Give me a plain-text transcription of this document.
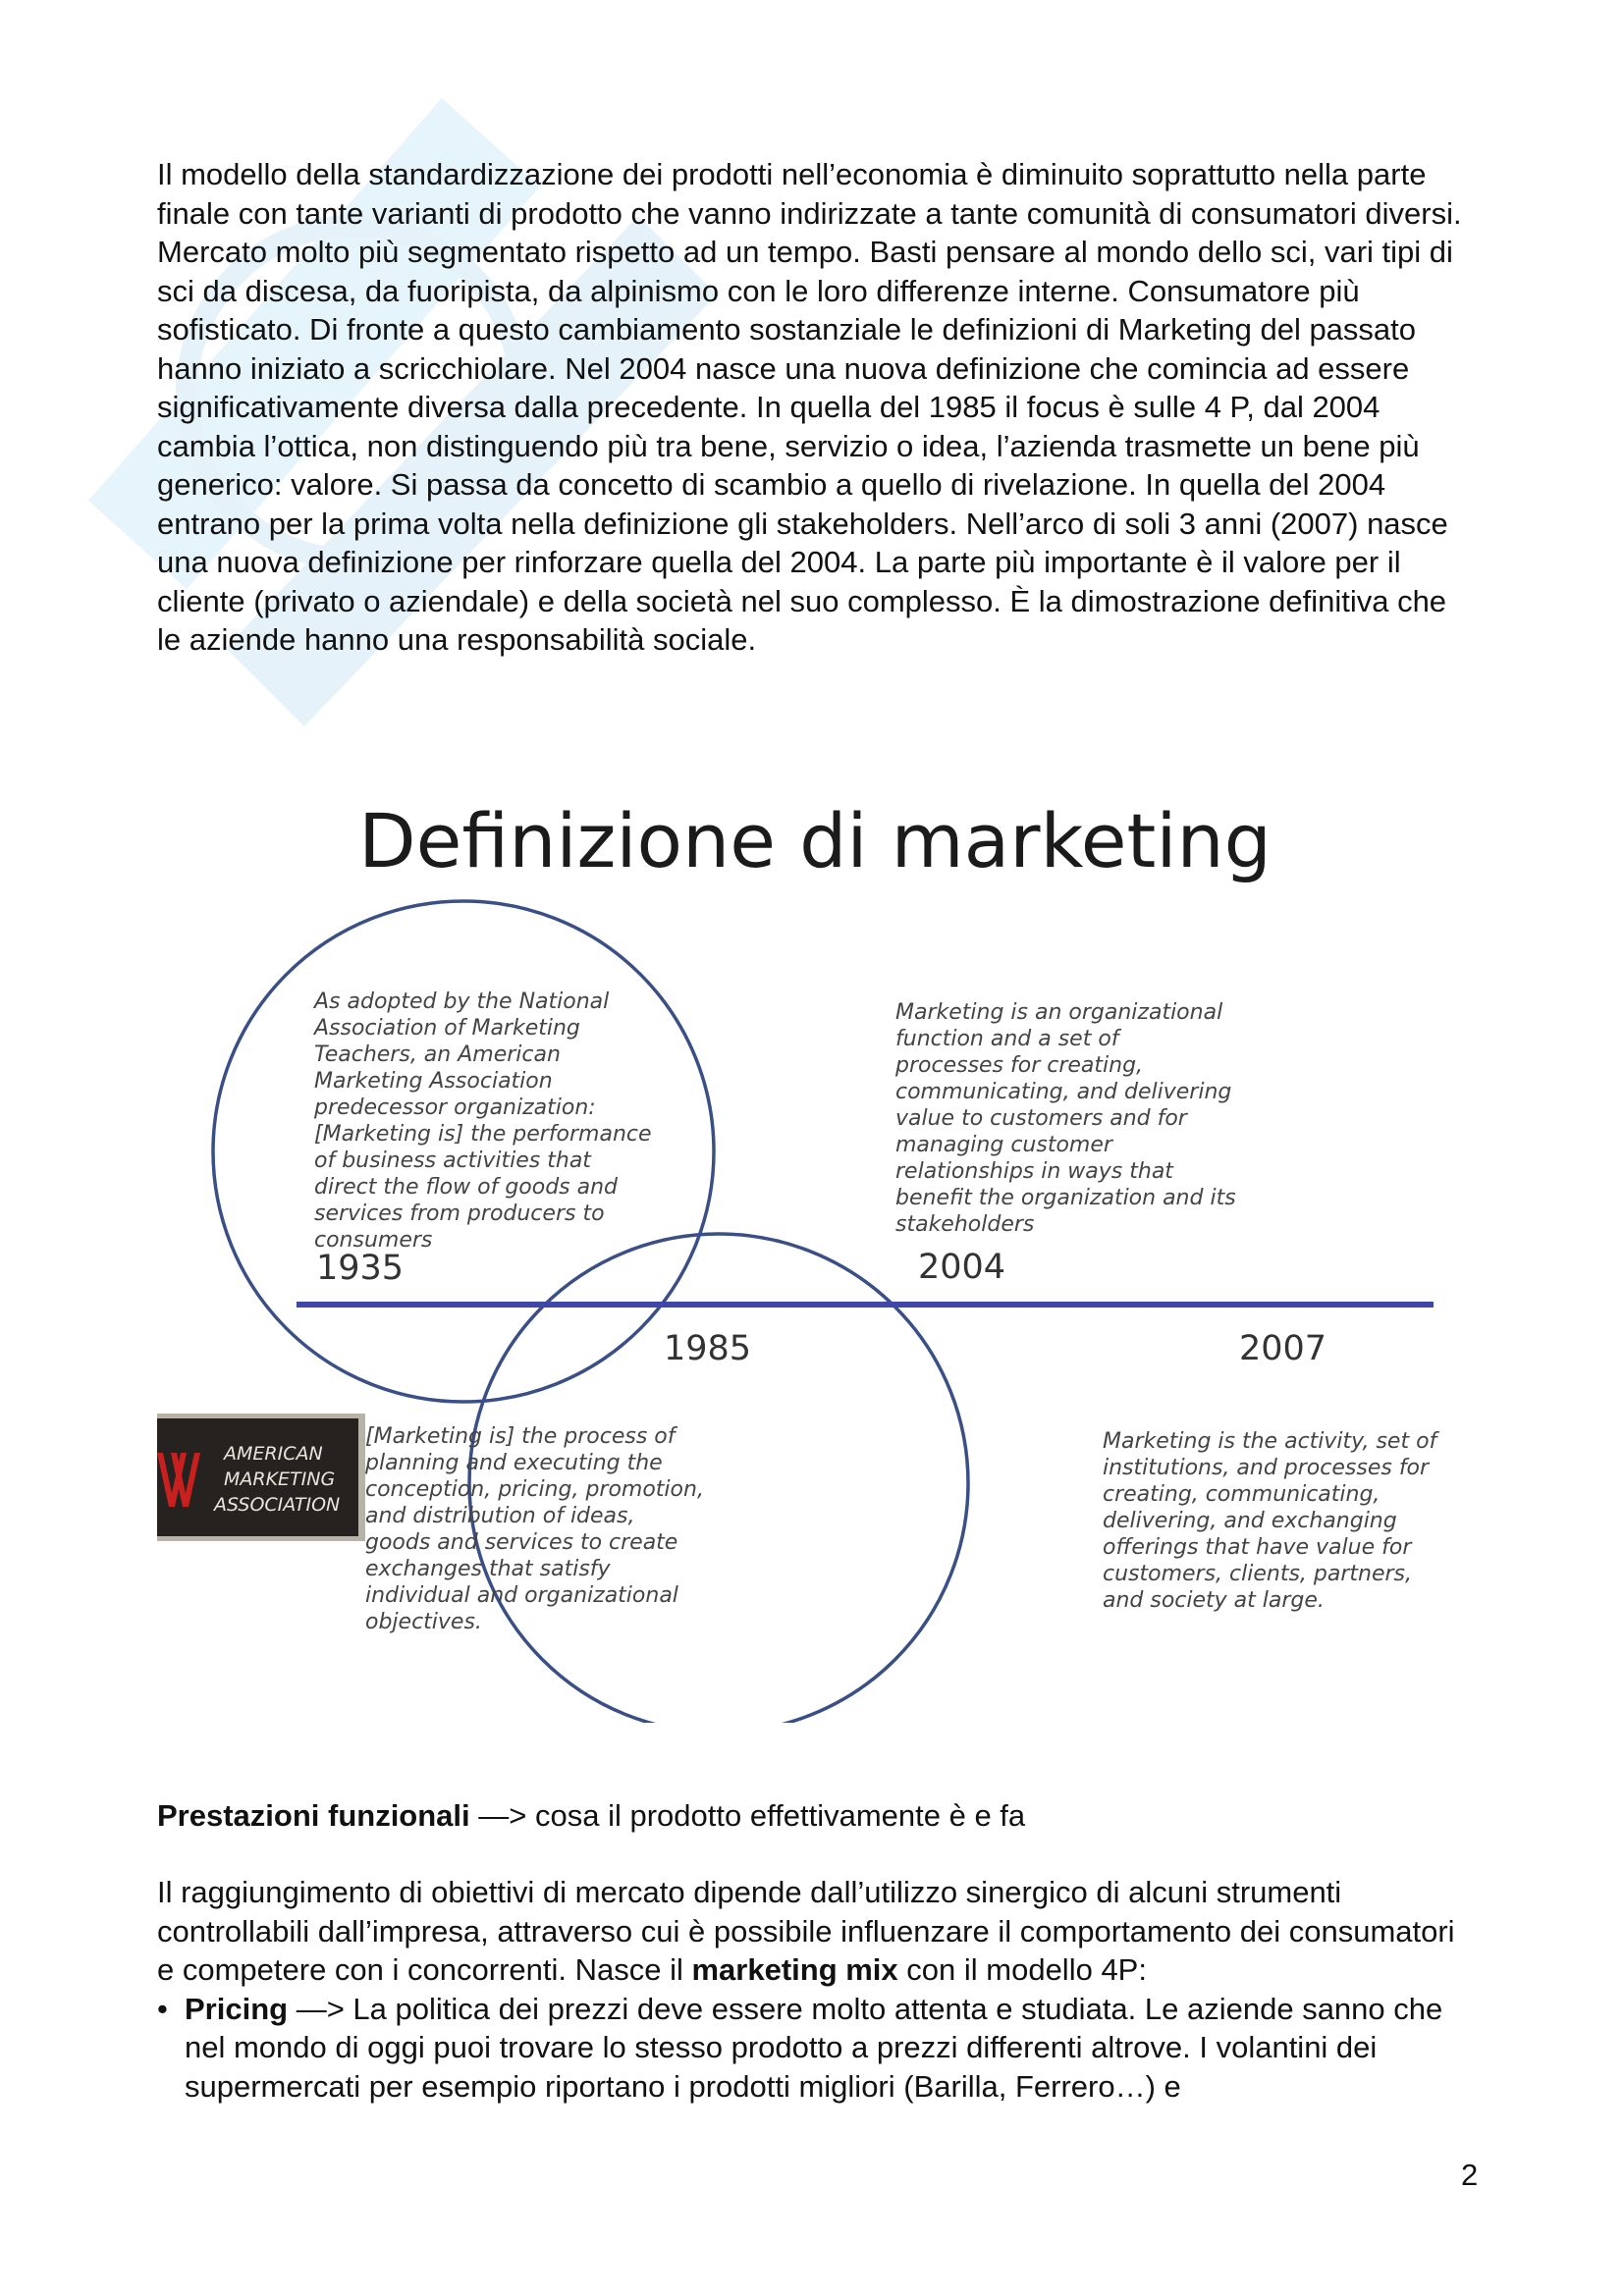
Il modello della standardizzazione dei prodotti nell’economia è diminuito soprattutto nella parte finale con tante varianti di prodotto che vanno indirizzate a tante comunità di consumatori diversi.

Mercato molto più segmentato rispetto ad un tempo. Basti pensare al mondo dello sci, vari tipi di sci da discesa, da fuoripista, da alpinismo con le loro differenze interne. Consumatore più sofisticato. Di fronte a questo cambiamento sostanziale le definizioni di Marketing del passato hanno iniziato a scricchiolare. Nel 2004 nasce una nuova definizione che comincia ad essere significativamente diversa dalla precedente. In quella del 1985 il focus è sulle 4 P, dal 2004 cambia l’ottica, non distinguendo più tra bene, servizio o idea, l’azienda trasmette un bene più generico: valore. Si passa da concetto di scambio a quello di rivelazione. In quella del 2004 entrano per la prima volta nella definizione gli stakeholders. Nell’arco di soli 3 anni (2007) nasce una nuova definizione per rinforzare quella del 2004. La parte più importante è il valore per il cliente (privato o aziendale) e della società nel suo complesso. È la dimostrazione definitiva che le aziende hanno una responsabilità sociale.

Definizione di marketing
As adopted by the National
Association of Marketing
Teachers, an American
Marketing Association
predecessor organization:
[Marketing is] the performance
of business activities that
direct the flow of goods and
services from producers to
consumers
1935
[Marketing is] the process of
planning and executing the
conception, pricing, promotion,
and distribution of ideas,
goods and services to create
exchanges that satisfy
individual and organizational
objectives.
1985
Marketing is an organizational
function and a set of
processes for creating,
communicating, and delivering
value to customers and for
managing customer
relationships in ways that
benefit the organization and its
stakeholders
2004
Marketing is the activity, set of
institutions, and processes for
creating, communicating,
delivering, and exchanging
offerings that have value for
customers, clients, partners,
and society at large.
2007
AMERICAN
MARKETING
ASSOCIATION
Prestazioni funzionali —> cosa il prodotto effettivamente è e fa

Il raggiungimento di obiettivi di mercato dipende dall’utilizzo sinergico di alcuni strumenti controllabili dall’impresa, attraverso cui è possibile influenzare il comportamento dei consumatori e competere con i concorrenti. Nasce il marketing mix con il modello 4P:

• Pricing —> La politica dei prezzi deve essere molto attenta e studiata. Le aziende sanno che nel mondo di oggi puoi trovare lo stesso prodotto a prezzi differenti altrove. I volantini dei supermercati per esempio riportano i prodotti migliori (Barilla, Ferrero…) e

2
